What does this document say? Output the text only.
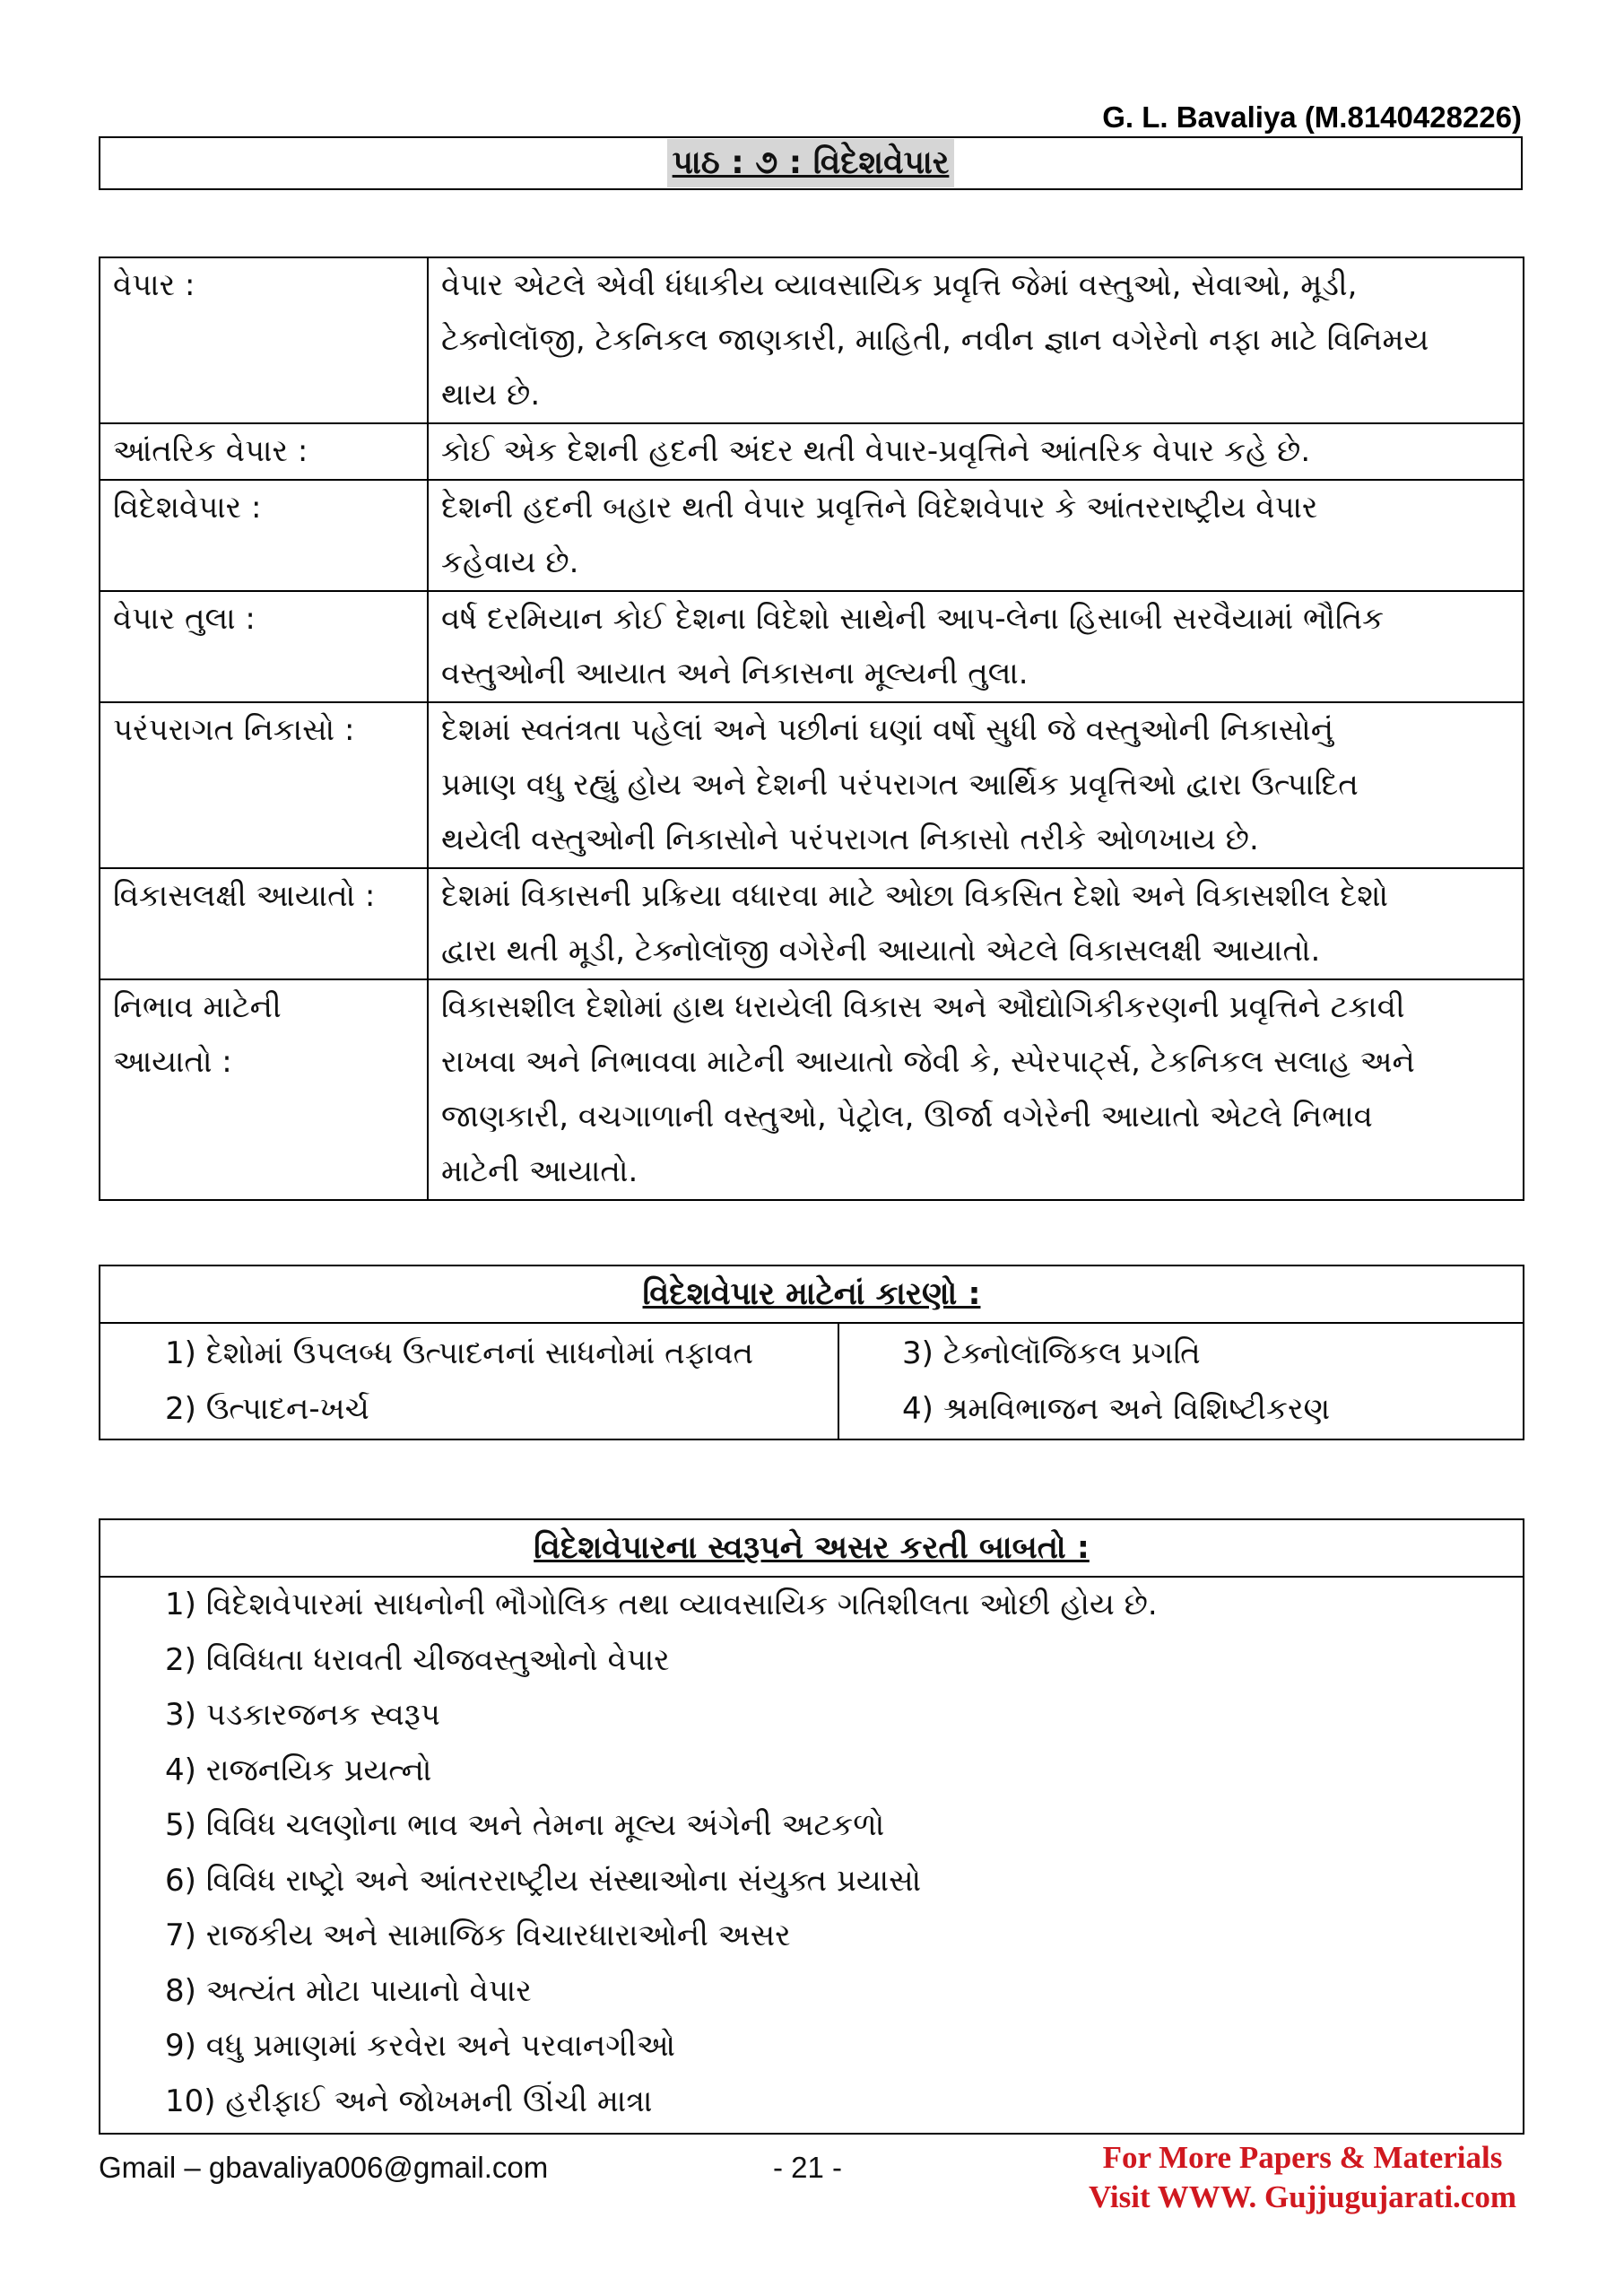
G. L. Bavaliya (M.8140428226)
પાઠ : ૭ : વિદેશવેપાર
વેપાર :	વેપાર એટલે એવી ધંધાકીય વ્યાવસાયિક પ્રવૃત્તિ જેમાં વસ્તુઓ, સેવાઓ, મૂડી,
ટેક્નોલૉજી, ટેકનિકલ જાણકારી, માહિતી, નવીન જ્ઞાન વગેરેનો નફા માટે વિનિમય
થાય છે.

આંતરિક વેપાર :	કોઈ એક દેશની હદની અંદર થતી વેપાર-પ્રવૃત્તિને આંતરિક વેપાર કહે છે.

વિદેશવેપાર :	દેશની હદની બહાર થતી વેપાર પ્રવૃત્તિને વિદેશવેપાર કે આંતરરાષ્ટ્રીય વેપાર
કહેવાય છે.

વેપાર તુલા :	વર્ષ દરમિયાન કોઈ દેશના વિદેશો સાથેની આપ-લેના હિસાબી સરવૈયામાં ભૌતિક
વસ્તુઓની આયાત અને નિકાસના મૂલ્યની તુલા.

પરંપરાગત નિકાસો :	દેશમાં સ્વતંત્રતા પહેલાં અને પછીનાં ઘણાં વર્ષો સુધી જે વસ્તુઓની નિકાસોનું
પ્રમાણ વધુ રહ્યું હોય અને દેશની પરંપરાગત આર્થિક પ્રવૃત્તિઓ દ્વારા ઉત્પાદિત
થયેલી વસ્તુઓની નિકાસોને પરંપરાગત નિકાસો તરીકે ઓળખાય છે.

વિકાસલક્ષી આયાતો :	દેશમાં વિકાસની પ્રક્રિયા વધારવા માટે ઓછા વિકસિત દેશો અને વિકાસશીલ દેશો
દ્વારા થતી મૂડી, ટેક્નોલૉજી વગેરેની આયાતો એટલે વિકાસલક્ષી આયાતો.

નિભાવ માટેની
આયાતો :	વિકાસશીલ દેશોમાં હાથ ધરાયેલી વિકાસ અને ઔદ્યોગિકીકરણની પ્રવૃત્તિને ટકાવી
રાખવા અને નિભાવવા માટેની આયાતો જેવી કે, સ્પેરપાર્ટ્સ, ટેકનિકલ સલાહ અને
જાણકારી, વચગાળાની વસ્તુઓ, પેટ્રોલ, ઊર્જા વગેરેની આયાતો એટલે નિભાવ
માટેની આયાતો.
વિદેશવેપાર માટેનાં કારણો :

1) દેશોમાં ઉપલબ્ધ ઉત્પાદનનાં સાધનોમાં તફાવત
2) ઉત્પાદન-ખર્ચ

3) ટેક્નોલૉજિકલ પ્રગતિ
4) શ્રમવિભાજન અને વિશિષ્ટીકરણ
વિદેશવેપારના સ્વરૂપને અસર કરતી બાબતો :

1) વિદેશવેપારમાં સાધનોની ભૌગોલિક તથા વ્યાવસાયિક ગતિશીલતા ઓછી હોય છે.
2) વિવિધતા ધરાવતી ચીજવસ્તુઓનો વેપાર
3) પડકારજનક સ્વરૂપ
4) રાજનયિક પ્રયત્નો
5) વિવિધ ચલણોના ભાવ અને તેમના મૂલ્ય અંગેની અટકળો
6) વિવિધ રાષ્ટ્રો અને આંતરરાષ્ટ્રીય સંસ્થાઓના સંયુક્ત પ્રયાસો
7) રાજકીય અને સામાજિક વિચારધારાઓની અસર
8) અત્યંત મોટા પાયાનો વેપાર
9) વધુ પ્રમાણમાં કરવેરા અને પરવાનગીઓ
10) હરીફાઈ અને જોખમની ઊંચી માત્રા
Gmail – gbavaliya006@gmail.com	- 21 -	For More Papers & Materials
Visit WWW. Gujjugujarati.com
